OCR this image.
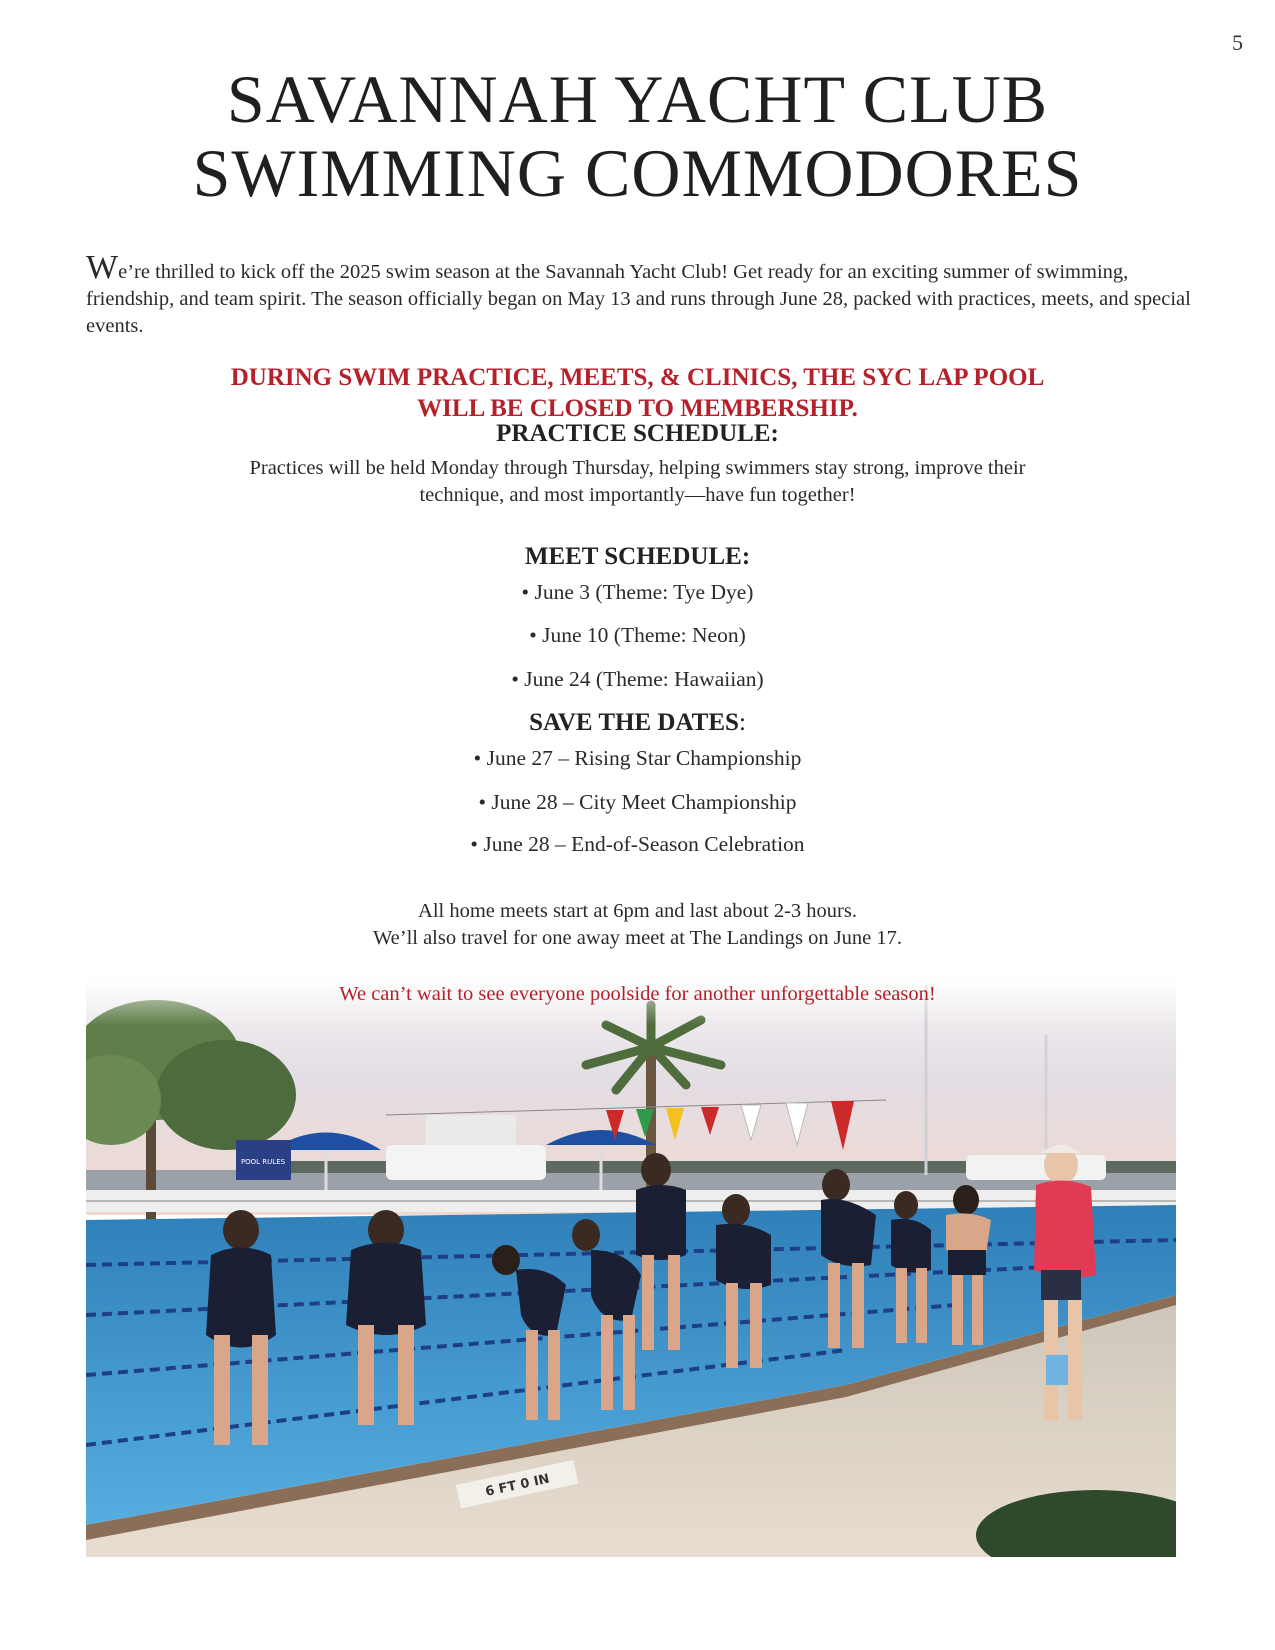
5
SAVANNAH YACHT CLUB
SWIMMING COMMODORES

We’re thrilled to kick off the 2025 swim season at the Savannah Yacht Club! Get ready for an exciting summer of swimming, friendship, and team spirit. The season officially began on May 13 and runs through June 28, packed with practices, meets, and special events.

DURING SWIM PRACTICE, MEETS, & CLINICS, THE SYC LAP POOL
WILL BE CLOSED TO MEMBERSHIP.
PRACTICE SCHEDULE:
Practices will be held Monday through Thursday, helping swimmers stay strong, improve their
technique, and most importantly—have fun together!
MEET SCHEDULE:
• June 3 (Theme: Tye Dye)
• June 10 (Theme: Neon)
• June 24 (Theme: Hawaiian)
SAVE THE DATES:
• June 27 – Rising Star Championship
• June 28 – City Meet Championship
• June 28 – End-of-Season Celebration
All home meets start at 6pm and last about 2-3 hours.
We’ll also travel for one away meet at The Landings on June 17.
We can’t wait to see everyone poolside for another unforgettable season!
6 FT 0 IN
POOL RULES
